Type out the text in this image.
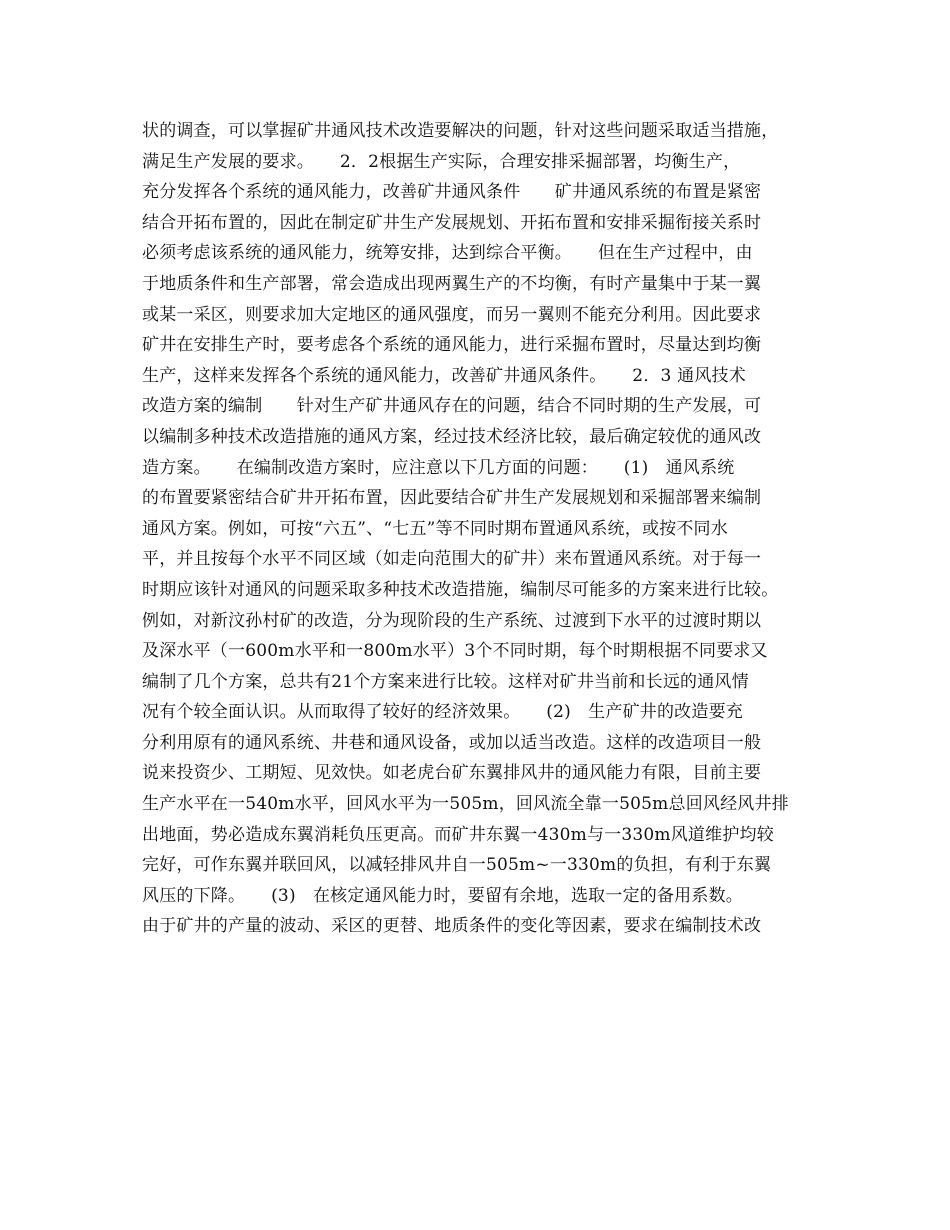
状的调查，可以掌握矿井通风技术改造要解决的问题，针对这些问题采取适当措施，
满足生产发展的要求。　　2．2根据生产实际，合理安排采掘部署，均衡生产，
充分发挥各个系统的通风能力，改善矿井通风条件　　矿井通风系统的布置是紧密
结合开拓布置的，因此在制定矿井生产发展规划、开拓布置和安排采掘衔接关系时
必须考虑该系统的通风能力，统筹安排，达到综合平衡。　　但在生产过程中，由
于地质条件和生产部署，常会造成出现两翼生产的不均衡，有时产量集中于某一翼
或某一采区，则要求加大定地区的通风强度，而另一翼则不能充分利用。因此要求
矿井在安排生产时，要考虑各个系统的通风能力，进行采掘布置时，尽量达到均衡
生产，这样来发挥各个系统的通风能力，改善矿井通风条件。　　2．3 通风技术
改造方案的编制　　针对生产矿井通风存在的问题，结合不同时期的生产发展，可
以编制多种技术改造措施的通风方案，经过技术经济比较，最后确定较优的通风改
造方案。　　在编制改造方案时，应注意以下几方面的问题：　　(1)　通风系统
的布置要紧密结合矿井开拓布置，因此要结合矿井生产发展规划和采掘部署来编制
通风方案。例如，可按“六五”、“七五”等不同时期布置通风系统，或按不同水
平，并且按每个水平不同区域（如走向范围大的矿井）来布置通风系统。对于每一
时期应该针对通风的问题采取多种技术改造措施，编制尽可能多的方案来进行比较。
例如，对新汶孙村矿的改造，分为现阶段的生产系统、过渡到下水平的过渡时期以
及深水平（一600m水平和一800m水平）3个不同时期，每个时期根据不同要求又
编制了几个方案，总共有21个方案来进行比较。这样对矿井当前和长远的通风情
况有个较全面认识。从而取得了较好的经济效果。　　(2)　生产矿井的改造要充
分利用原有的通风系统、井巷和通风设备，或加以适当改造。这样的改造项目一般
说来投资少、工期短、见效快。如老虎台矿东翼排风井的通风能力有限，目前主要
生产水平在一540m水平，回风水平为一505m，回风流全靠一505m总回风经风井排
出地面，势必造成东翼消耗负压更高。而矿井东翼一430m与一330m风道维护均较
完好，可作东翼并联回风，以减轻排风井自一505m~一330m的负担，有利于东翼
风压的下降。　　(3)　在核定通风能力时，要留有余地，选取一定的备用系数。
由于矿井的产量的波动、采区的更替、地质条件的变化等因素，要求在编制技术改
